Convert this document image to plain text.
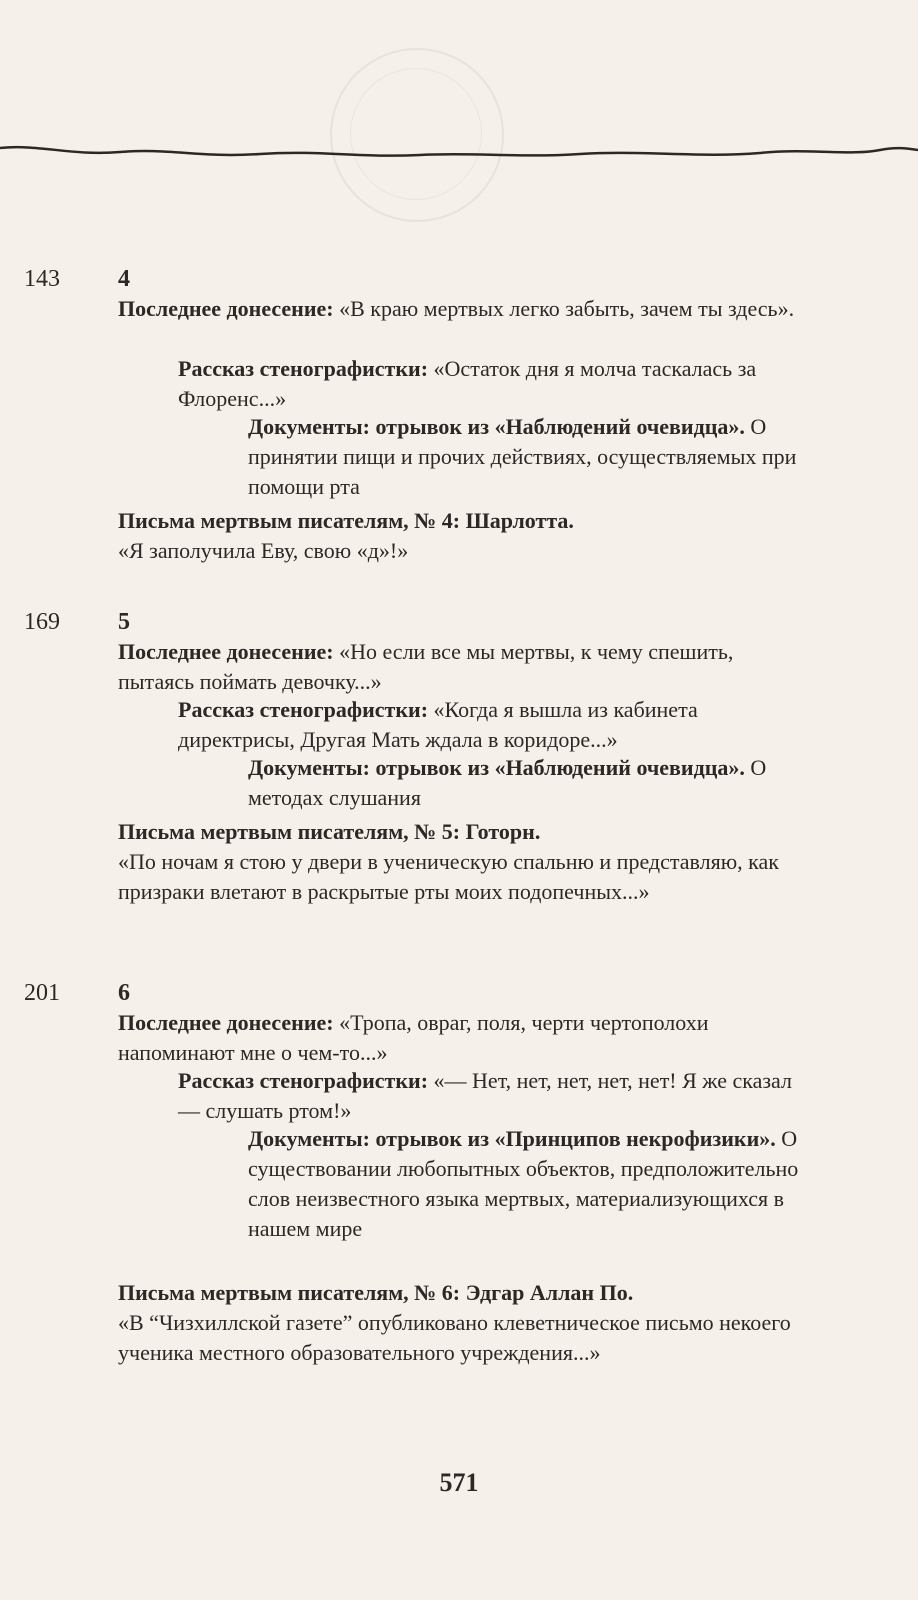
143 4

Последнее донесение: «В краю мертвых легко забыть, зачем ты здесь».

Рассказ стенографистки: «Остаток дня я молча таскалась за Флоренс...»

Документы: отрывок из «Наблюдений очевидца». О принятии пищи и прочих действиях, осуществляемых при помощи рта

Письма мертвым писателям, № 4: Шарлотта.
«Я заполучила Еву, свою «д»!»

169 5

Последнее донесение: «Но если все мы мертвы, к чему спешить, пытаясь поймать девочку...»

Рассказ стенографистки: «Когда я вышла из кабинета директрисы, Другая Мать ждала в коридоре...»

Документы: отрывок из «Наблюдений очевидца». О методах слушания

Письма мертвым писателям, № 5: Готорн.
«По ночам я стою у двери в ученическую спальню и представляю, как призраки влетают в раскрытые рты моих подопечных...»

201 6

Последнее донесение: «Тропа, овраг, поля, черти чертополохи напоминают мне о чем-то...»

Рассказ стенографистки: «— Нет, нет, нет, нет, нет! Я же сказал — слушать ртом!»

Документы: отрывок из «Принципов некрофизики». О существовании любопытных объектов, предположительно слов неизвестного языка мертвых, материализующихся в нашем мире

Письма мертвым писателям, № 6: Эдгар Аллан По.
«В “Чизхиллской газете” опубликовано клеветническое письмо некоего ученика местного образовательного учреждения...»

571
